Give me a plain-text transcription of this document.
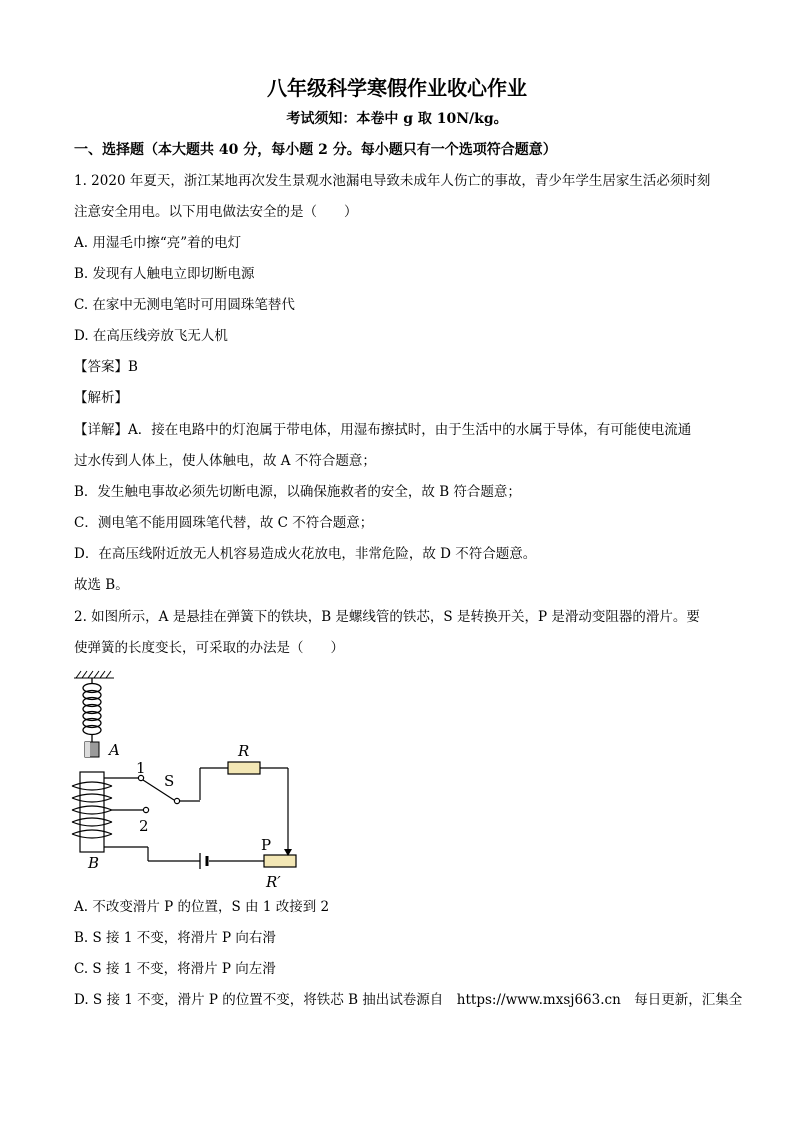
八年级科学寒假作业收心作业
考试须知：本卷中 g 取 10N/kg。
一、选择题（本大题共 40 分，每小题 2 分。每小题只有一个选项符合题意）
1. 2020 年夏天，浙江某地再次发生景观水池漏电导致未成年人伤亡的事故，青少年学生居家生活必须时刻
注意安全用电。以下用电做法安全的是（　　）
A. 用湿毛巾擦“亮”着的电灯
B. 发现有人触电立即切断电源
C. 在家中无测电笔时可用圆珠笔替代
D. 在高压线旁放飞无人机
【答案】B
【解析】
【详解】A．接在电路中的灯泡属于带电体，用湿布擦拭时，由于生活中的水属于导体，有可能使电流通
过水传到人体上，使人体触电，故 A 不符合题意；
B．发生触电事故必须先切断电源，以确保施救者的安全，故 B 符合题意；
C．测电笔不能用圆珠笔代替，故 C 不符合题意；
D．在高压线附近放无人机容易造成火花放电，非常危险，故 D 不符合题意。
故选 B。
2. 如图所示，A 是悬挂在弹簧下的铁块，B 是螺线管的铁芯，S 是转换开关，P 是滑动变阻器的滑片。要
使弹簧的长度变长，可采取的办法是（　　）
A
B
1
2
S
R
P
R′
A. 不改变滑片 P 的位置，S 由 1 改接到 2
B. S 接 1 不变，将滑片 P 向右滑
C. S 接 1 不变，将滑片 P 向左滑
D. S 接 1 不变，滑片 P 的位置不变，将铁芯 B 抽出试卷源自　https://www.mxsj663.cn　每日更新，汇集全
